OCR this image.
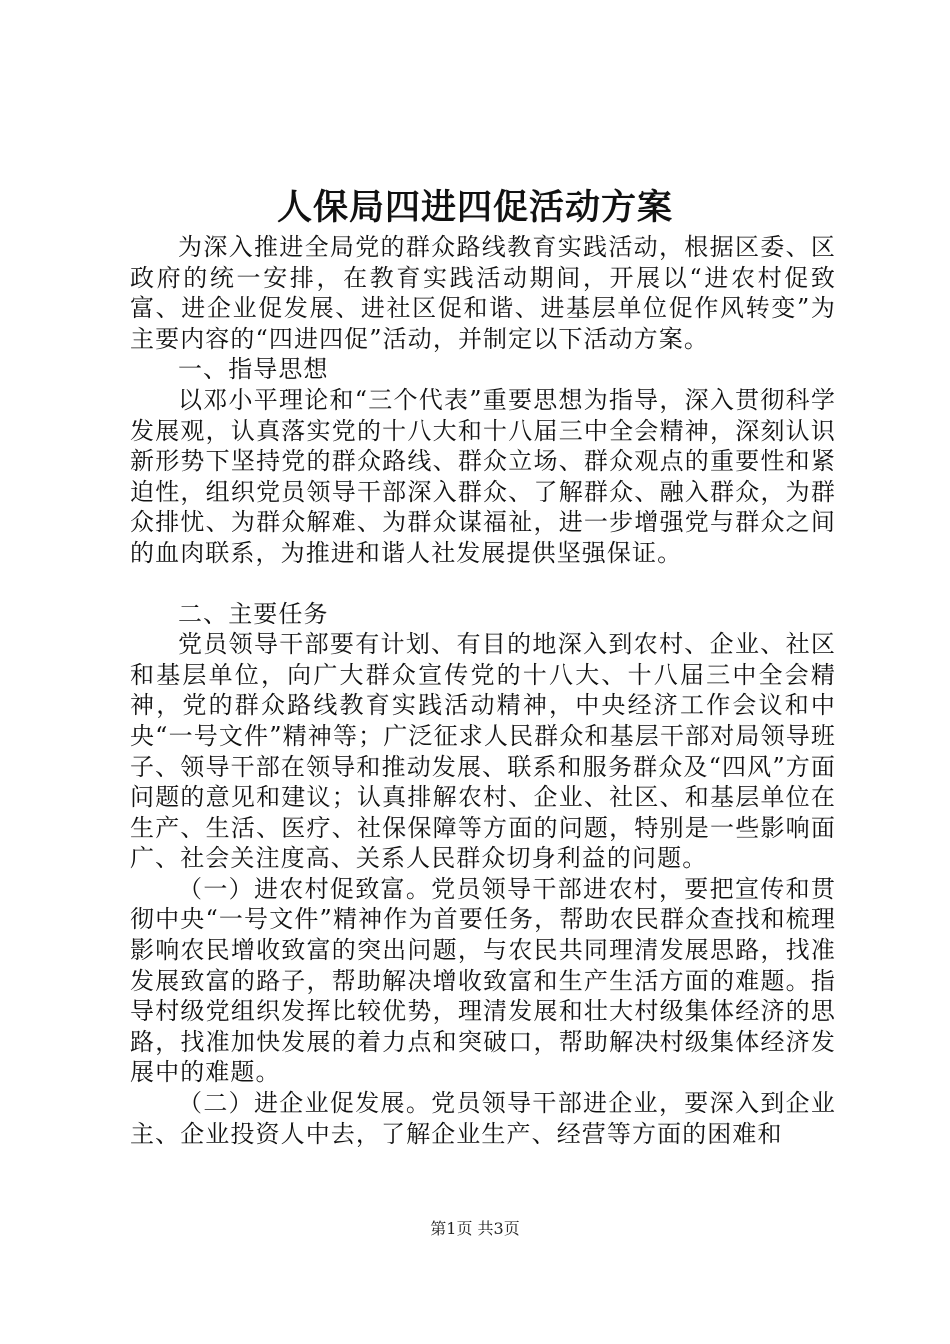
人保局四进四促活动方案

为深入推进全局党的群众路线教育实践活动，根据区委、区政府的统一安排，在教育实践活动期间，开展以“进农村促致富、进企业促发展、进社区促和谐、进基层单位促作风转变”为主要内容的“四进四促”活动，并制定以下活动方案。

一、指导思想

以邓小平理论和“三个代表”重要思想为指导，深入贯彻科学发展观，认真落实党的十八大和十八届三中全会精神，深刻认识新形势下坚持党的群众路线、群众立场、群众观点的重要性和紧迫性，组织党员领导干部深入群众、了解群众、融入群众，为群众排忧、为群众解难、为群众谋福祉，进一步增强党与群众之间的血肉联系，为推进和谐人社发展提供坚强保证。

二、主要任务

党员领导干部要有计划、有目的地深入到农村、企业、社区和基层单位，向广大群众宣传党的十八大、十八届三中全会精神，党的群众路线教育实践活动精神，中央经济工作会议和中央“一号文件”精神等；广泛征求人民群众和基层干部对局领导班子、领导干部在领导和推动发展、联系和服务群众及“四风”方面问题的意见和建议；认真排解农村、企业、社区、和基层单位在生产、生活、医疗、社保保障等方面的问题，特别是一些影响面广、社会关注度高、关系人民群众切身利益的问题。

（一）进农村促致富。党员领导干部进农村，要把宣传和贯彻中央“一号文件”精神作为首要任务，帮助农民群众查找和梳理影响农民增收致富的突出问题，与农民共同理清发展思路，找准发展致富的路子，帮助解决增收致富和生产生活方面的难题。指导村级党组织发挥比较优势，理清发展和壮大村级集体经济的思路，找准加快发展的着力点和突破口，帮助解决村级集体经济发展中的难题。

（二）进企业促发展。党员领导干部进企业，要深入到企业主、企业投资人中去，了解企业生产、经营等方面的困难和

第1页 共3页
